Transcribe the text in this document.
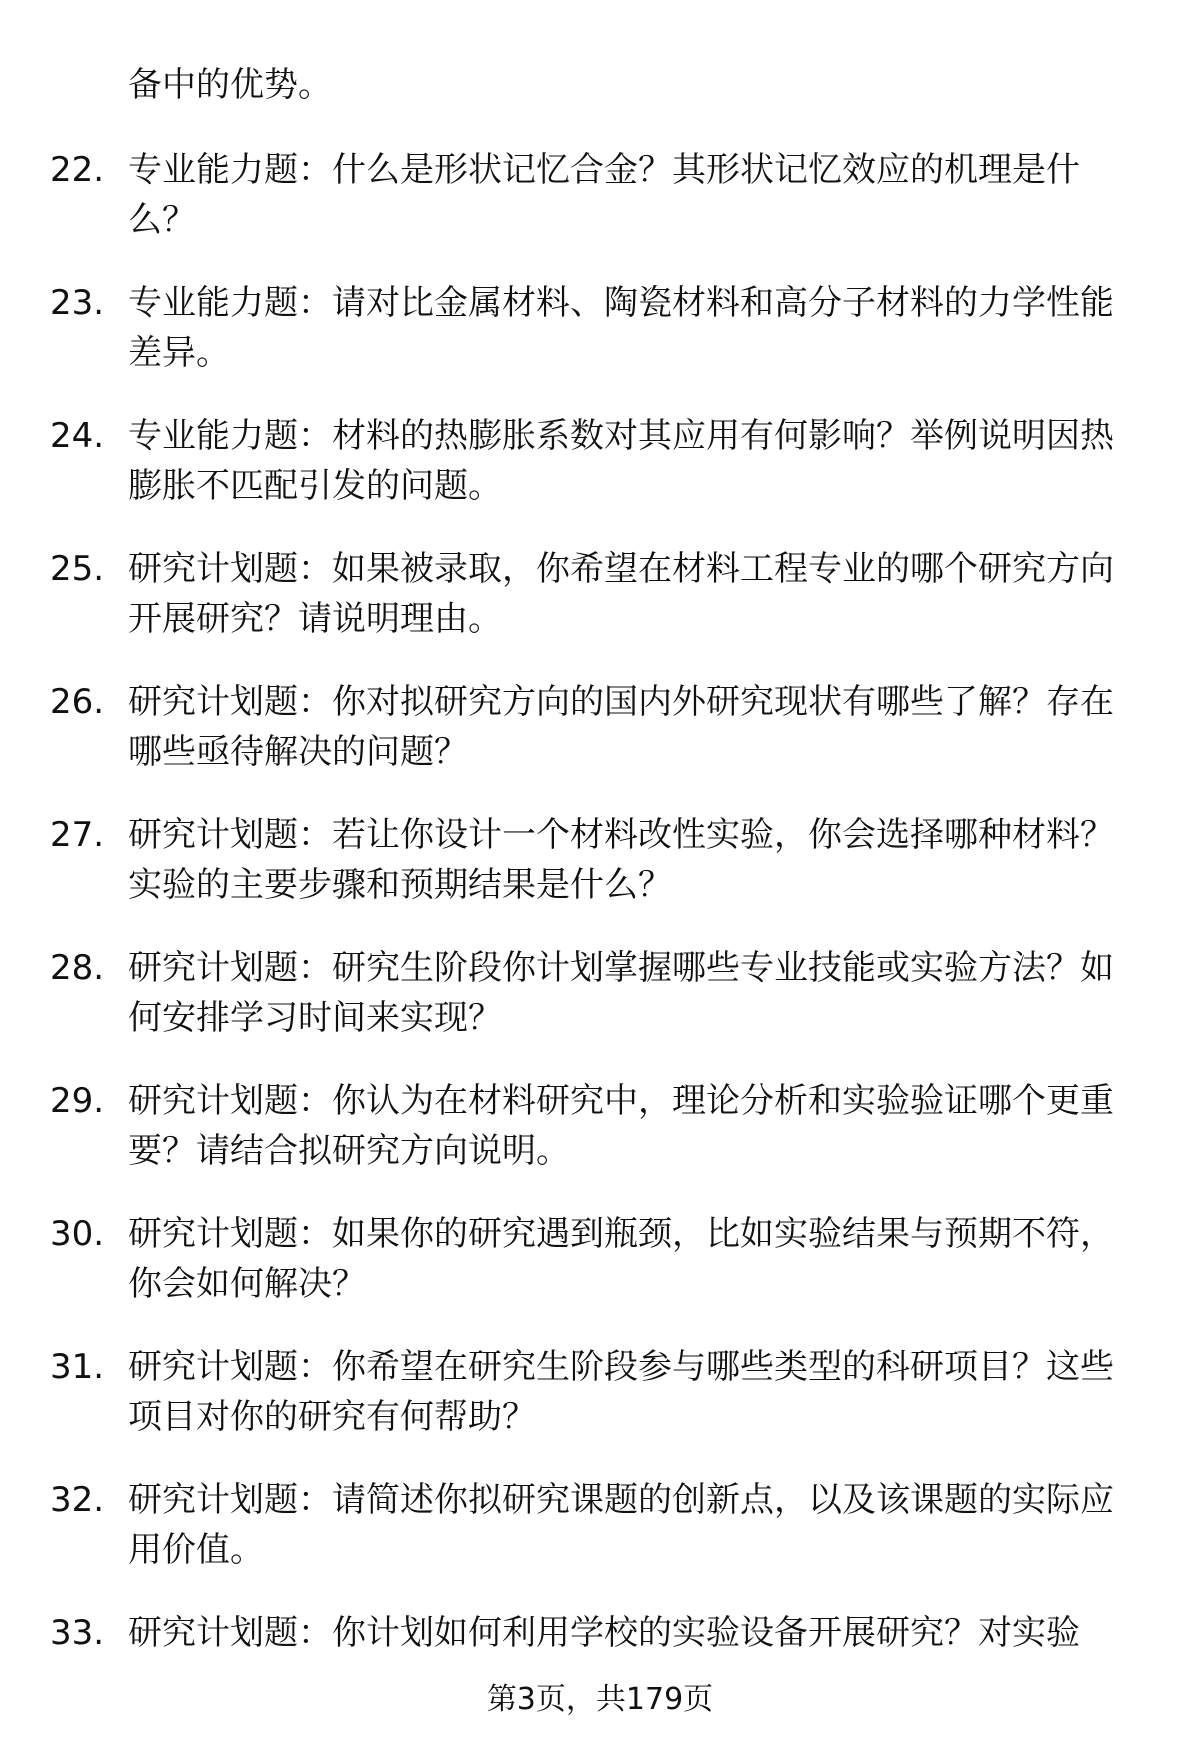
备中的优势。
22. 专业能力题：什么是形状记忆合金？其形状记忆效应的机理是什么？
23. 专业能力题：请对比金属材料、陶瓷材料和高分子材料的力学性能差异。
24. 专业能力题：材料的热膨胀系数对其应用有何影响？举例说明因热膨胀不匹配引发的问题。
25. 研究计划题：如果被录取，你希望在材料工程专业的哪个研究方向开展研究？请说明理由。
26. 研究计划题：你对拟研究方向的国内外研究现状有哪些了解？存在哪些亟待解决的问题？
27. 研究计划题：若让你设计一个材料改性实验，你会选择哪种材料？实验的主要步骤和预期结果是什么？
28. 研究计划题：研究生阶段你计划掌握哪些专业技能或实验方法？如何安排学习时间来实现？
29. 研究计划题：你认为在材料研究中，理论分析和实验验证哪个更重要？请结合拟研究方向说明。
30. 研究计划题：如果你的研究遇到瓶颈，比如实验结果与预期不符，你会如何解决？
31. 研究计划题：你希望在研究生阶段参与哪些类型的科研项目？这些项目对你的研究有何帮助？
32. 研究计划题：请简述你拟研究课题的创新点，以及该课题的实际应用价值。
33. 研究计划题：你计划如何利用学校的实验设备开展研究？对实验
第3页，共179页
